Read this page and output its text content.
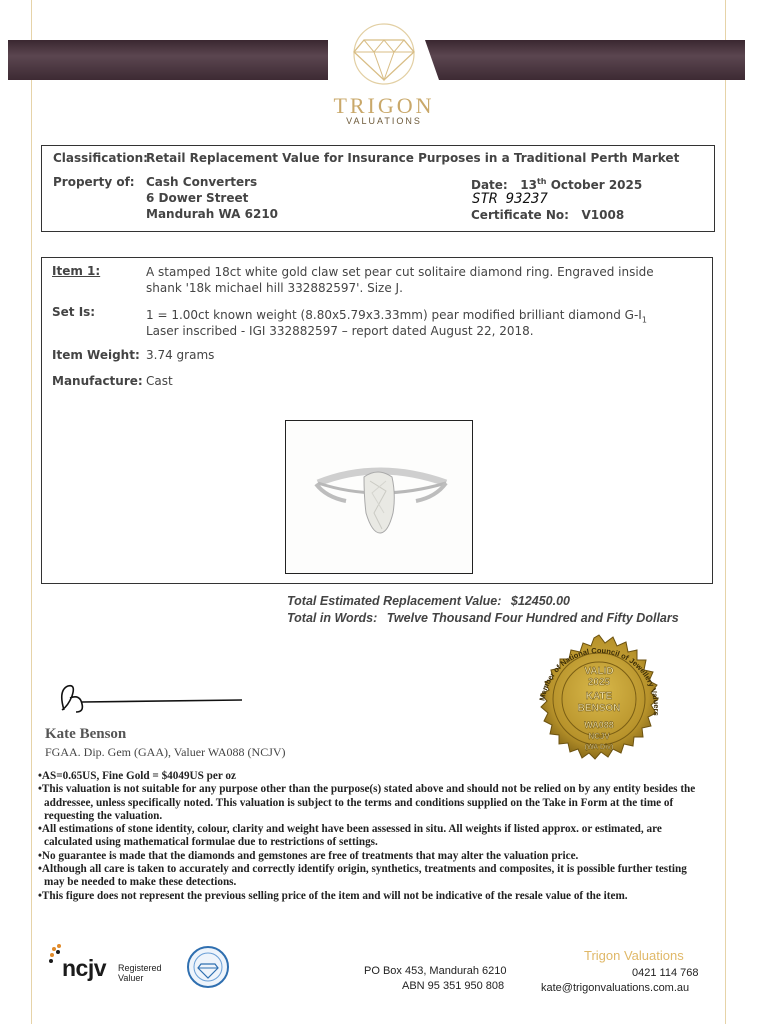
TRIGON
VALUATIONS
Classification:
Retail Replacement Value for Insurance Purposes in a Traditional Perth Market
Property of: Cash Converters
6 Dower Street
Mandurah WA 6210
Date: 13th October 2025
STR 93237
Certificate No: V1008
Item 1:	A stamped 18ct white gold claw set pear cut solitaire diamond ring. Engraved inside shank '18k michael hill 332882597'. Size J.
Set Is:	1 = 1.00ct known weight (8.80x5.79x3.33mm) pear modified brilliant diamond $G-I_1$
Laser inscribed - IGI 332882597 – report dated August 22, 2018.
Item Weight: 3.74 grams
Manufacture: Cast
Total Estimated Replacement Value: $12450.00
Total in Words: Twelve Thousand Four Hundred and Fifty Dollars
Member of National Council of Jewellery Valuers
VALID
2025
KATE
BENSON
WA088
NCJV
(WA Div)
Kate Benson
FGAA. Dip. Gem (GAA), Valuer WA088 (NCJV)

•AS=0.65US, Fine Gold = $4049US per oz

•This valuation is not suitable for any purpose other than the purpose(s) stated above and should not be relied on by any entity besides the addressee, unless specifically noted. This valuation is subject to the terms and conditions supplied on the Take in Form at the time of requesting the valuation.

•All estimations of stone identity, colour, clarity and weight have been assessed in situ. All weights if listed approx. or estimated, are calculated using mathematical formulae due to restrictions of settings.

•No guarantee is made that the diamonds and gemstones are free of treatments that may alter the valuation price.

•Although all care is taken to accurately and correctly identify origin, synthetics, treatments and composites, it is possible further testing may be needed to make these detections.

•This figure does not represent the previous selling price of the item and will not be indicative of the resale value of the item.

ncjv Registered
Valuer
PO Box 453, Mandurah 6210
ABN 95 351 950 808
Trigon Valuations
0421 114 768
kate@trigonvaluations.com.au
